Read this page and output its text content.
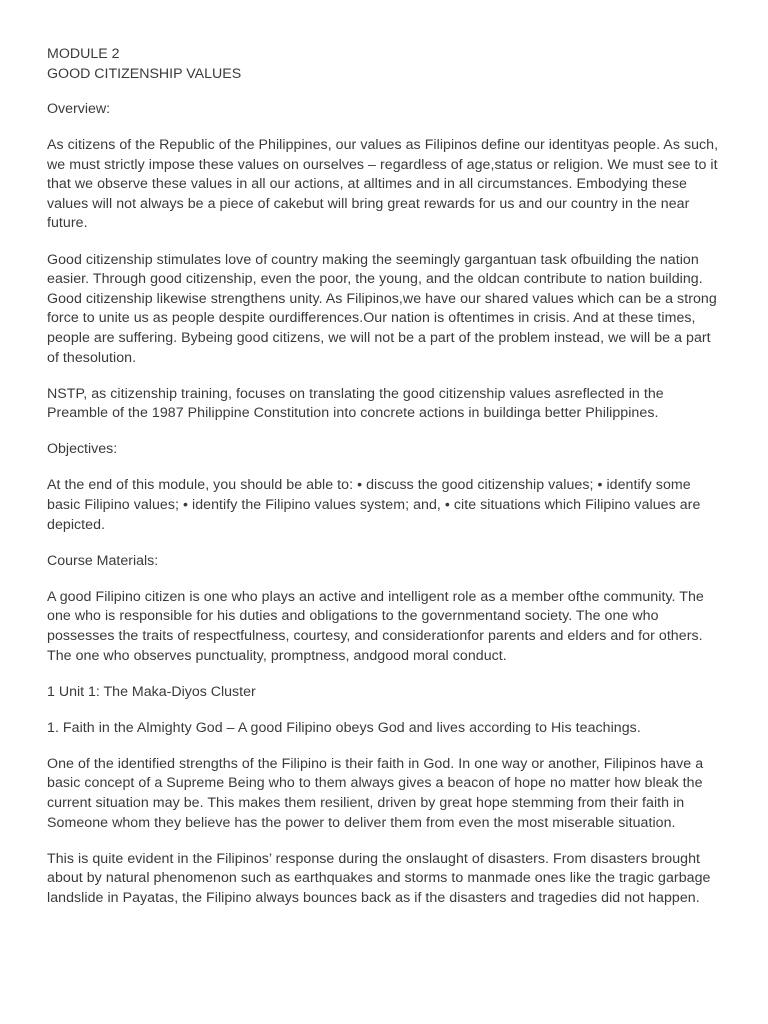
MODULE 2

GOOD CITIZENSHIP VALUES

Overview:

As citizens of the Republic of the Philippines, our values as Filipinos define our identityas people. As such, we must strictly impose these values on ourselves – regardless of age,status or religion. We must see to it that we observe these values in all our actions, at alltimes and in all circumstances. Embodying these values will not always be a piece of cakebut will bring great rewards for us and our country in the near future.

Good citizenship stimulates love of country making the seemingly gargantuan task ofbuilding the nation easier. Through good citizenship, even the poor, the young, and the oldcan contribute to nation building. Good citizenship likewise strengthens unity. As Filipinos,we have our shared values which can be a strong force to unite us as people despite ourdifferences.Our nation is oftentimes in crisis. And at these times, people are suffering. Bybeing good citizens, we will not be a part of the problem instead, we will be a part of thesolution.

NSTP, as citizenship training, focuses on translating the good citizenship values asreflected in the Preamble of the 1987 Philippine Constitution into concrete actions in buildinga better Philippines.

Objectives:

At the end of this module, you should be able to: • discuss the good citizenship values; • identify some basic Filipino values; • identify the Filipino values system; and, • cite situations which Filipino values are depicted.

Course Materials:

A good Filipino citizen is one who plays an active and intelligent role as a member ofthe community. The one who is responsible for his duties and obligations to the governmentand society. The one who possesses the traits of respectfulness, courtesy, and considerationfor parents and elders and for others. The one who observes punctuality, promptness, andgood moral conduct.

1 Unit 1: The Maka-Diyos Cluster

1. Faith in the Almighty God – A good Filipino obeys God and lives according to His teachings.

One of the identified strengths of the Filipino is their faith in God. In one way or another, Filipinos have a basic concept of a Supreme Being who to them always gives a beacon of hope no matter how bleak the current situation may be. This makes them resilient, driven by great hope stemming from their faith in Someone whom they believe has the power to deliver them from even the most miserable situation.

This is quite evident in the Filipinos’ response during the onslaught of disasters. From disasters brought about by natural phenomenon such as earthquakes and storms to manmade ones like the tragic garbage landslide in Payatas, the Filipino always bounces back as if the disasters and tragedies did not happen.
